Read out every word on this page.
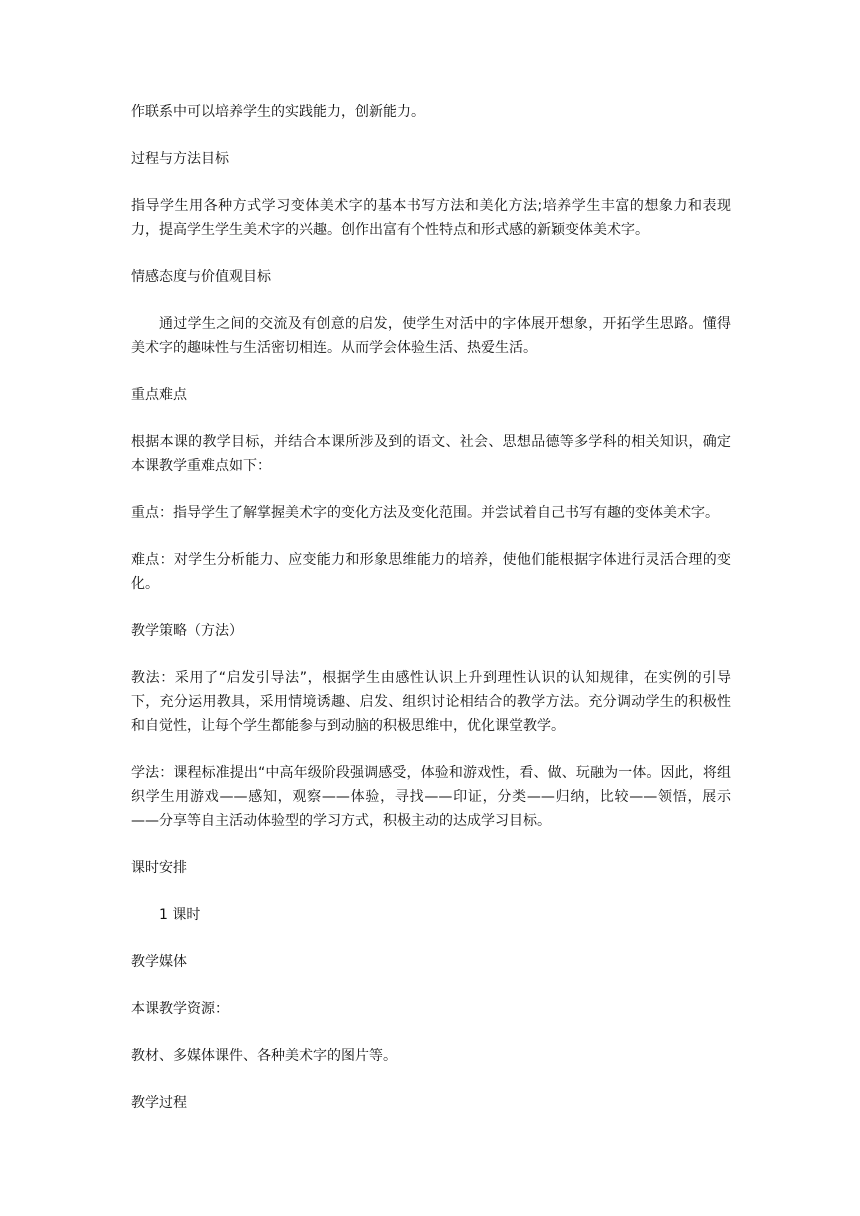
作联系中可以培养学生的实践能力，创新能力。

过程与方法目标

指导学生用各种方式学习变体美术字的基本书写方法和美化方法;培养学生丰富的想象力和表现力，提高学生学生美术字的兴趣。创作出富有个性特点和形式感的新颖变体美术字。

情感态度与价值观目标

通过学生之间的交流及有创意的启发，使学生对活中的字体展开想象，开拓学生思路。懂得美术字的趣味性与生活密切相连。从而学会体验生活、热爱生活。

重点难点

根据本课的教学目标，并结合本课所涉及到的语文、社会、思想品德等多学科的相关知识，确定本课教学重难点如下：

重点：指导学生了解掌握美术字的变化方法及变化范围。并尝试着自己书写有趣的变体美术字。

难点：对学生分析能力、应变能力和形象思维能力的培养，使他们能根据字体进行灵活合理的变化。

教学策略（方法）

教法：采用了“启发引导法”，根据学生由感性认识上升到理性认识的认知规律，在实例的引导下，充分运用教具，采用情境诱趣、启发、组织讨论相结合的教学方法。充分调动学生的积极性和自觉性，让每个学生都能参与到动脑的积极思维中，优化课堂教学。

学法：课程标准提出“中高年级阶段强调感受，体验和游戏性，看、做、玩融为一体。因此，将组织学生用游戏——感知，观察——体验，寻找——印证，分类——归纳，比较——领悟，展示——分享等自主活动体验型的学习方式，积极主动的达成学习目标。

课时安排

1 课时

教学媒体

本课教学资源：

教材、多媒体课件、各种美术字的图片等。

教学过程
